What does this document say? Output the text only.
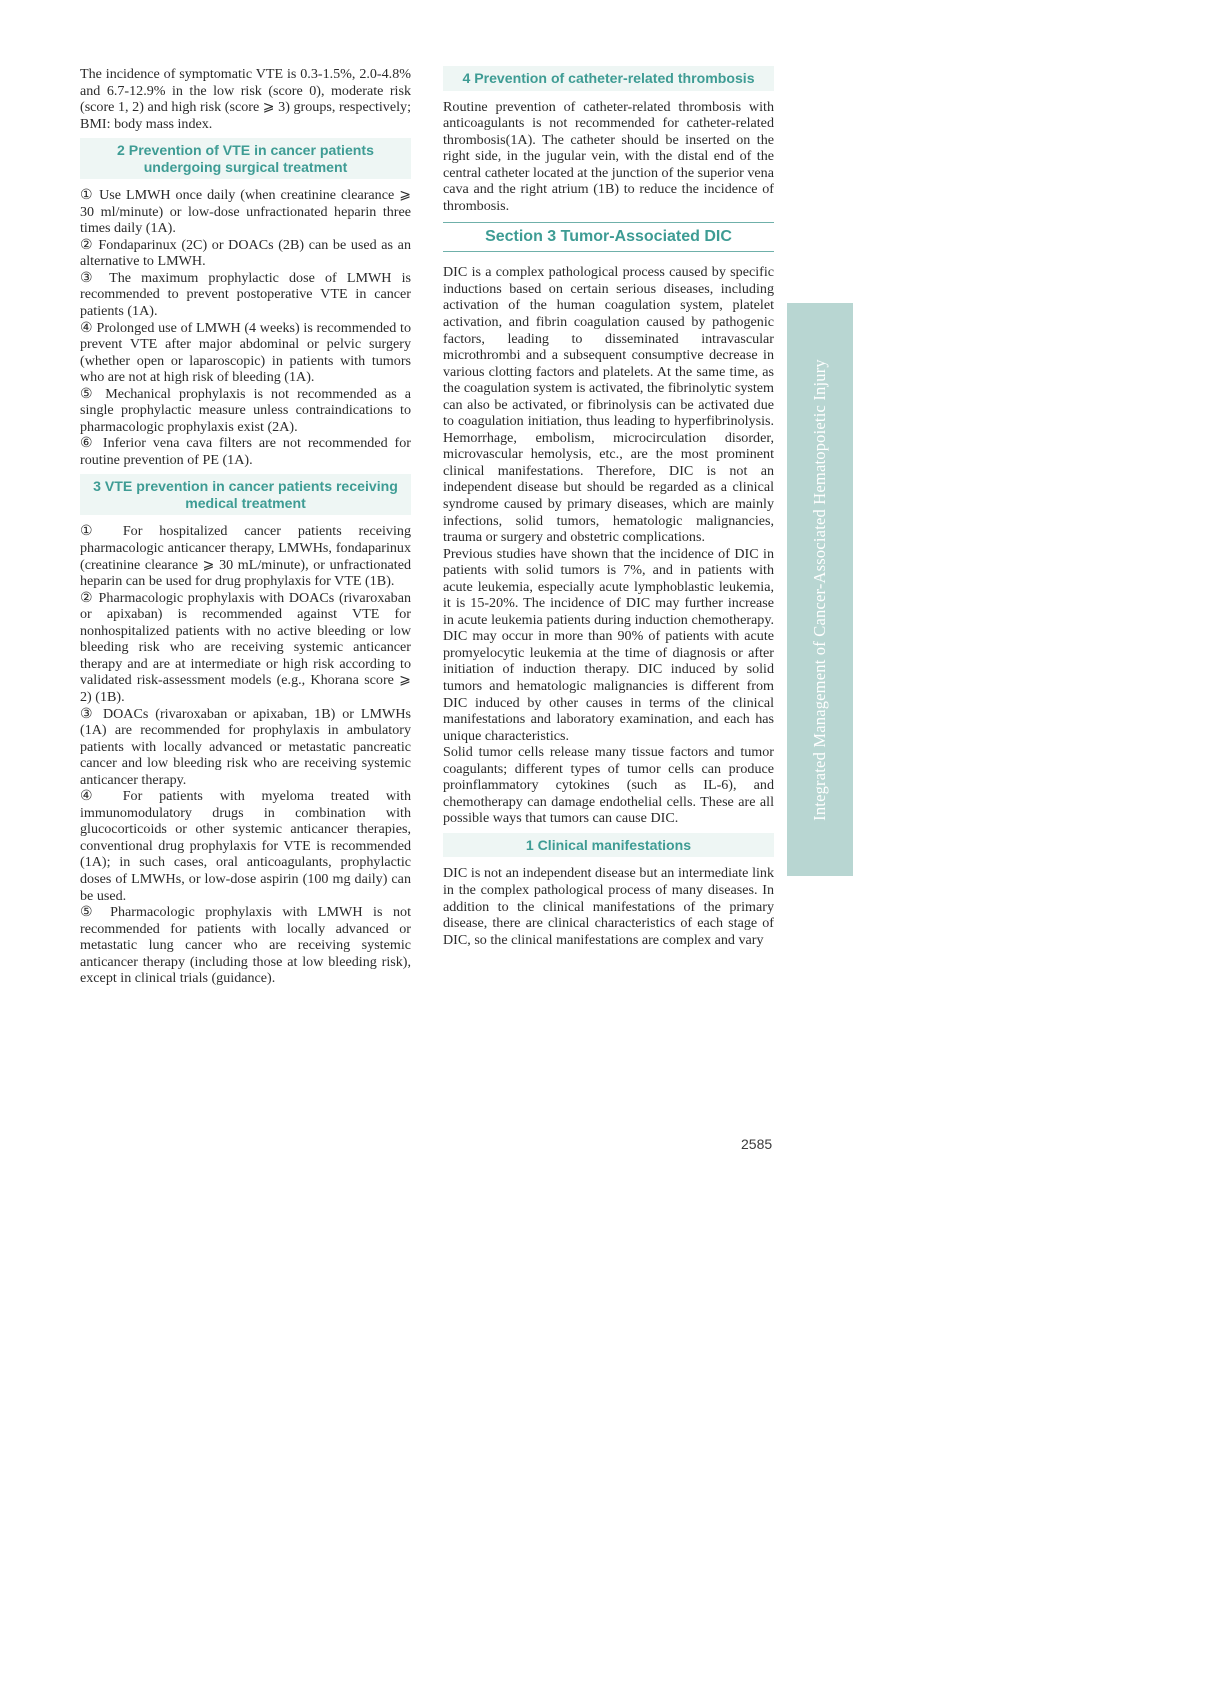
The incidence of symptomatic VTE is 0.3-1.5%, 2.0-4.8% and 6.7-12.9% in the low risk (score 0), moderate risk (score 1, 2) and high risk (score ⩾ 3) groups, respectively; BMI: body mass index.

2 Prevention of VTE in cancer patients undergoing surgical treatment

① Use LMWH once daily (when creatinine clearance ⩾ 30 ml/minute) or low-dose unfractionated heparin three times daily (1A).

② Fondaparinux (2C) or DOACs (2B) can be used as an alternative to LMWH.

③ The maximum prophylactic dose of LMWH is recommended to prevent postoperative VTE in cancer patients (1A).

④ Prolonged use of LMWH (4 weeks) is recommended to prevent VTE after major abdominal or pelvic surgery (whether open or laparoscopic) in patients with tumors who are not at high risk of bleeding (1A).

⑤ Mechanical prophylaxis is not recommended as a single prophylactic measure unless contraindications to pharmacologic prophylaxis exist (2A).

⑥ Inferior vena cava filters are not recommended for routine prevention of PE (1A).

3 VTE prevention in cancer patients receiving medical treatment

① For hospitalized cancer patients receiving pharmacologic anticancer therapy, LMWHs, fondaparinux (creatinine clearance ⩾ 30 mL/minute), or unfractionated heparin can be used for drug prophylaxis for VTE (1B).

② Pharmacologic prophylaxis with DOACs (rivaroxaban or apixaban) is recommended against VTE for nonhospitalized patients with no active bleeding or low bleeding risk who are receiving systemic anticancer therapy and are at intermediate or high risk according to validated risk-assessment models (e.g., Khorana score ⩾ 2) (1B).

③ DOACs (rivaroxaban or apixaban, 1B) or LMWHs (1A) are recommended for prophylaxis in ambulatory patients with locally advanced or metastatic pancreatic cancer and low bleeding risk who are receiving systemic anticancer therapy.

④ For patients with myeloma treated with immunomodulatory drugs in combination with glucocorticoids or other systemic anticancer therapies, conventional drug prophylaxis for VTE is recommended (1A); in such cases, oral anticoagulants, prophylactic doses of LMWHs, or low-dose aspirin (100 mg daily) can be used.

⑤ Pharmacologic prophylaxis with LMWH is not recommended for patients with locally advanced or metastatic lung cancer who are receiving systemic anticancer therapy (including those at low bleeding risk), except in clinical trials (guidance).

4 Prevention of catheter-related thrombosis

Routine prevention of catheter-related thrombosis with anticoagulants is not recommended for catheter-related thrombosis(1A). The catheter should be inserted on the right side, in the jugular vein, with the distal end of the central catheter located at the junction of the superior vena cava and the right atrium (1B) to reduce the incidence of thrombosis.

Section 3 Tumor-Associated DIC

DIC is a complex pathological process caused by specific inductions based on certain serious diseases, including activation of the human coagulation system, platelet activation, and fibrin coagulation caused by pathogenic factors, leading to disseminated intravascular microthrombi and a subsequent consumptive decrease in various clotting factors and platelets. At the same time, as the coagulation system is activated, the fibrinolytic system can also be activated, or fibrinolysis can be activated due to coagulation initiation, thus leading to hyperfibrinolysis. Hemorrhage, embolism, microcirculation disorder, microvascular hemolysis, etc., are the most prominent clinical manifestations. Therefore, DIC is not an independent disease but should be regarded as a clinical syndrome caused by primary diseases, which are mainly infections, solid tumors, hematologic malignancies, trauma or surgery and obstetric complications.

Previous studies have shown that the incidence of DIC in patients with solid tumors is 7%, and in patients with acute leukemia, especially acute lymphoblastic leukemia, it is 15-20%. The incidence of DIC may further increase in acute leukemia patients during induction chemotherapy. DIC may occur in more than 90% of patients with acute promyelocytic leukemia at the time of diagnosis or after initiation of induction therapy. DIC induced by solid tumors and hematologic malignancies is different from DIC induced by other causes in terms of the clinical manifestations and laboratory examination, and each has unique characteristics.

Solid tumor cells release many tissue factors and tumor coagulants; different types of tumor cells can produce proinflammatory cytokines (such as IL-6), and chemotherapy can damage endothelial cells. These are all possible ways that tumors can cause DIC.

1 Clinical manifestations

DIC is not an independent disease but an intermediate link in the complex pathological process of many diseases. In addition to the clinical manifestations of the primary disease, there are clinical characteristics of each stage of DIC, so the clinical manifestations are complex and vary

Integrated Management of Cancer-Associated Hematopoietic Injury
2585
